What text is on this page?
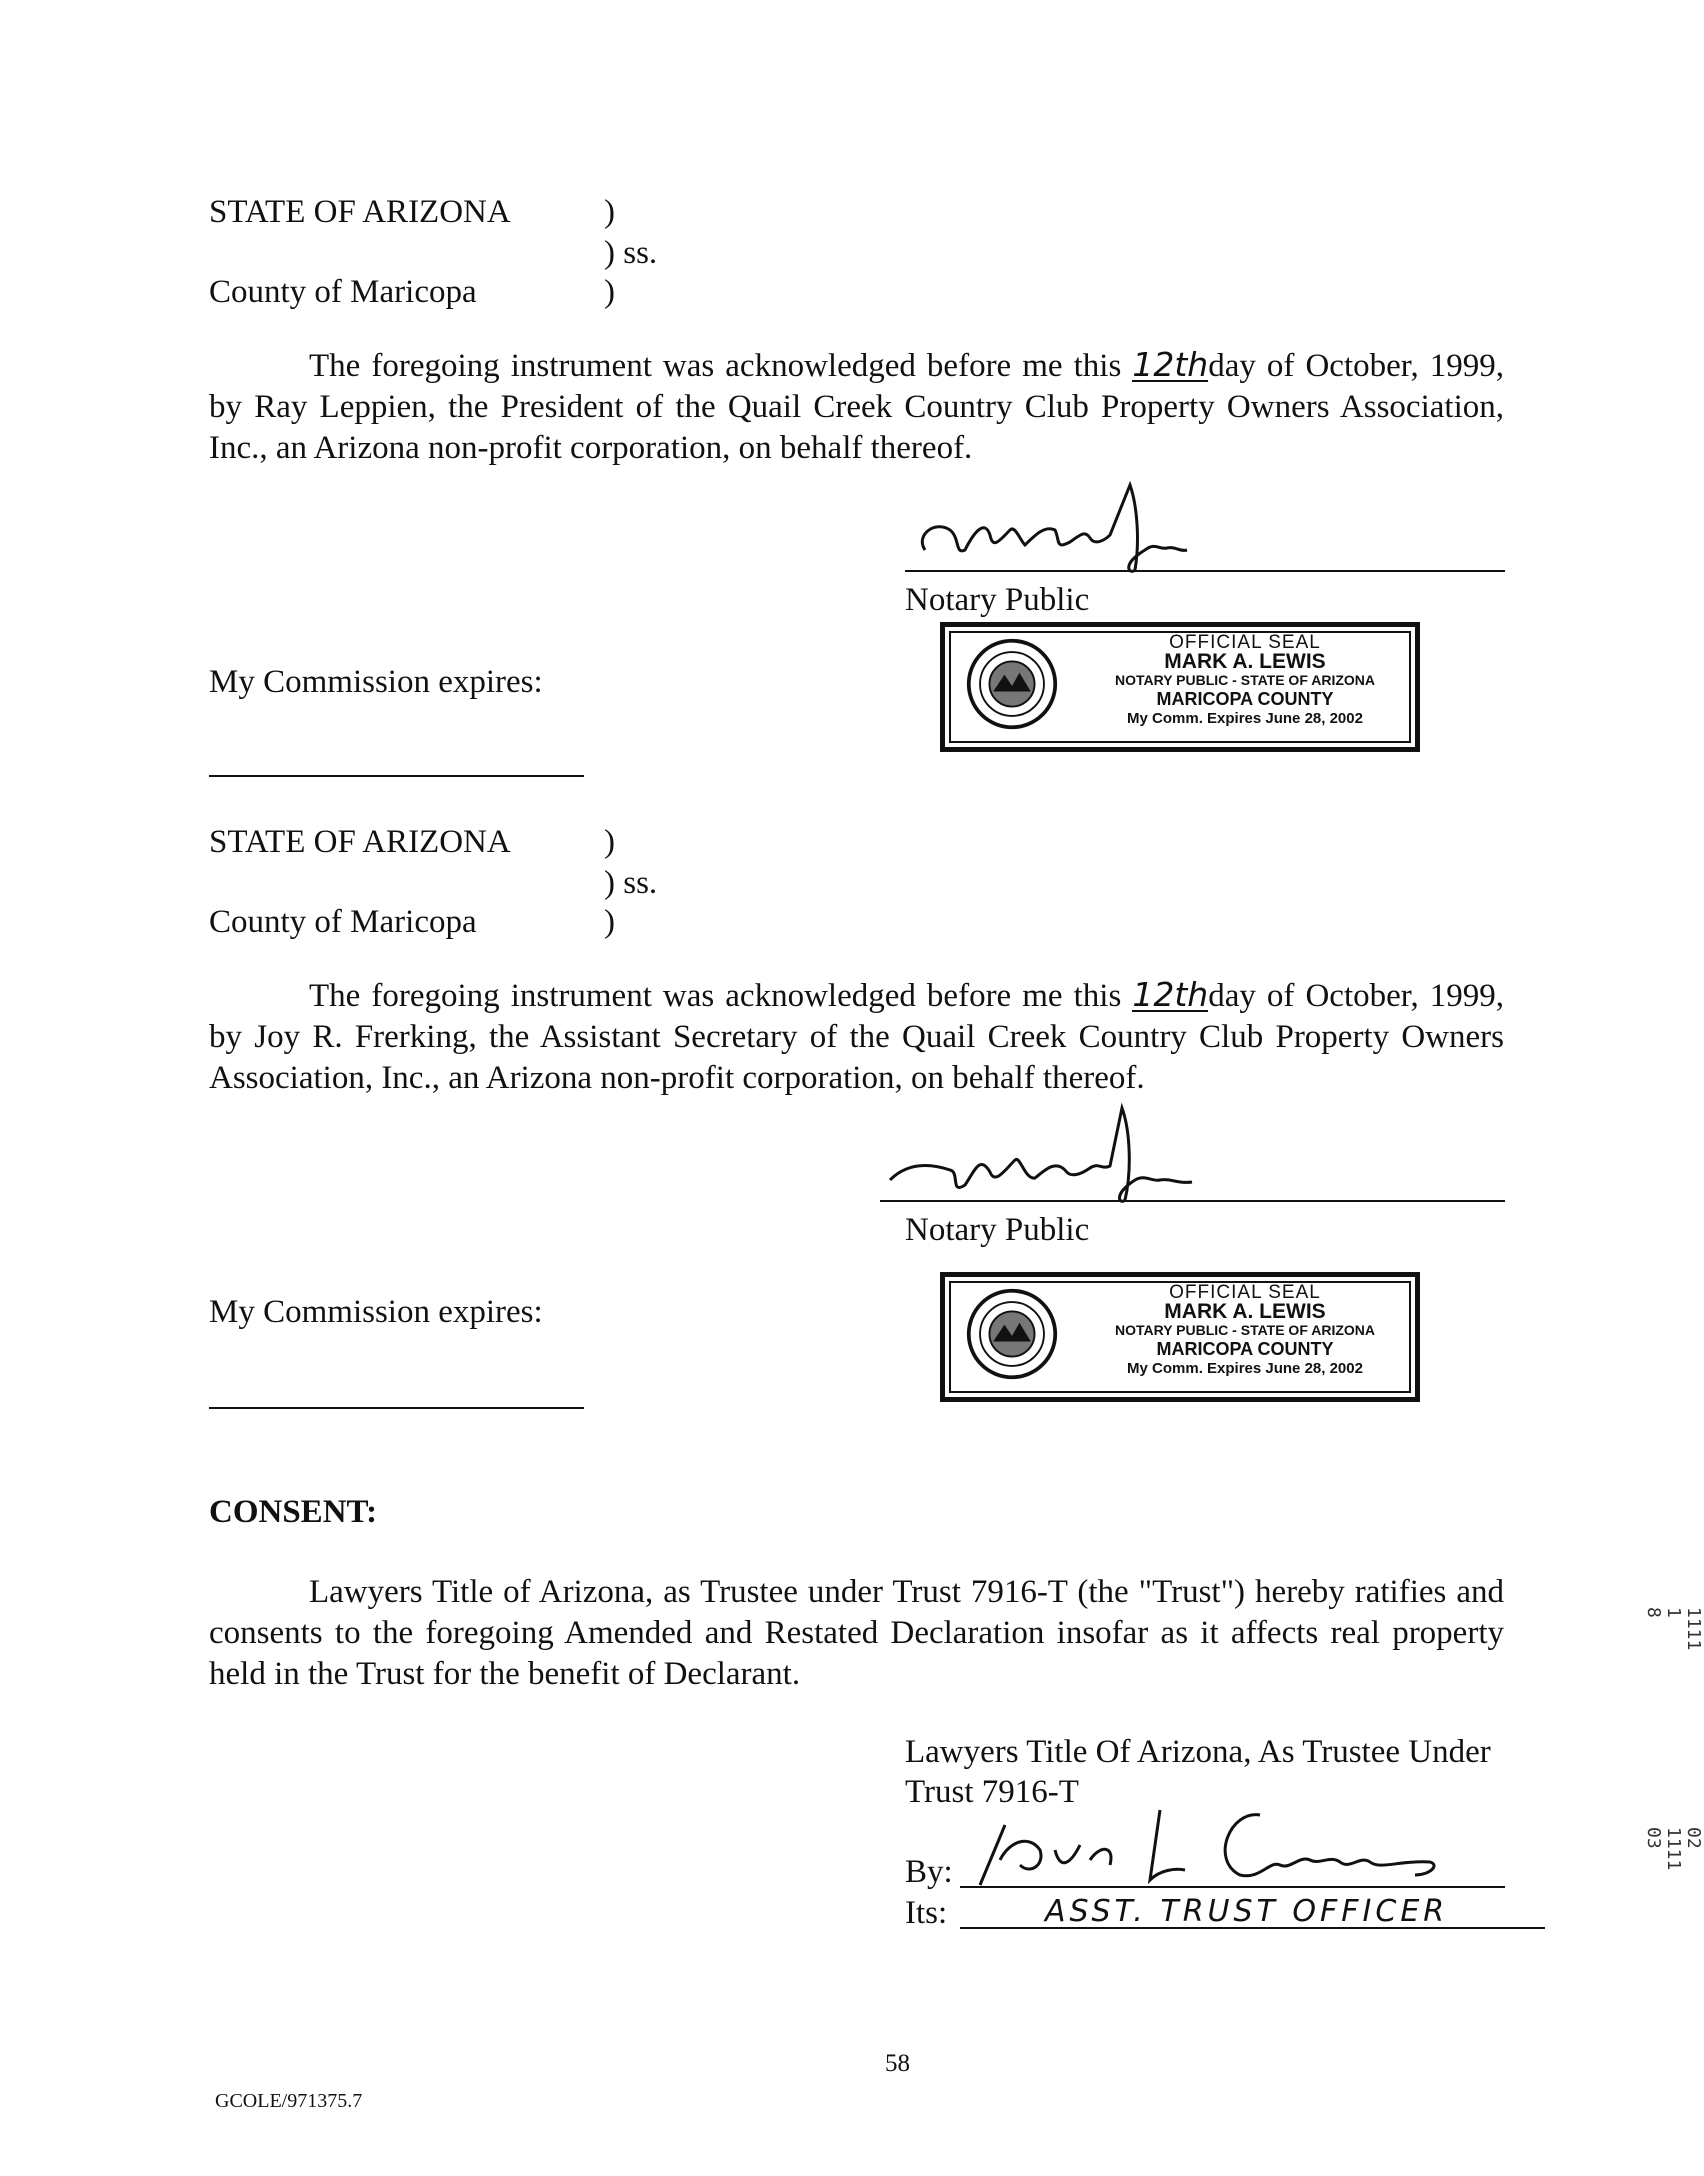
STATE OF ARIZONA	)
) ss.
County of Maricopa	)
The foregoing instrument was acknowledged before me this 12thday of October, 1999, by Ray Leppien, the President of the Quail Creek Country Club Property Owners Association, Inc., an Arizona non-profit corporation, on behalf thereof.
Notary Public
My Commission expires:
OFFICIAL SEAL
MARK A. LEWIS
NOTARY PUBLIC - STATE OF ARIZONA
MARICOPA COUNTY
My Comm. Expires June 28, 2002
STATE OF ARIZONA	)
) ss.
County of Maricopa	)
The foregoing instrument was acknowledged before me this 12thday of October, 1999, by Joy R. Frerking, the Assistant Secretary of the Quail Creek Country Club Property Owners Association, Inc., an Arizona non-profit corporation, on behalf thereof.
Notary Public
My Commission expires:
OFFICIAL SEAL
MARK A. LEWIS
NOTARY PUBLIC - STATE OF ARIZONA
MARICOPA COUNTY
My Comm. Expires June 28, 2002
CONSENT:
Lawyers Title of Arizona, as Trustee under Trust 7916-T (the "Trust") hereby ratifies and consents to the foregoing Amended and Restated Declaration insofar as it affects real property held in the Trust for the benefit of Declarant.
Lawyers Title Of Arizona, As Trustee Under
Trust 7916-T
By:
Its:	ASST. TRUST OFFICER
58
GCOLE/971375.7
1111 1 8
02 1111 03
